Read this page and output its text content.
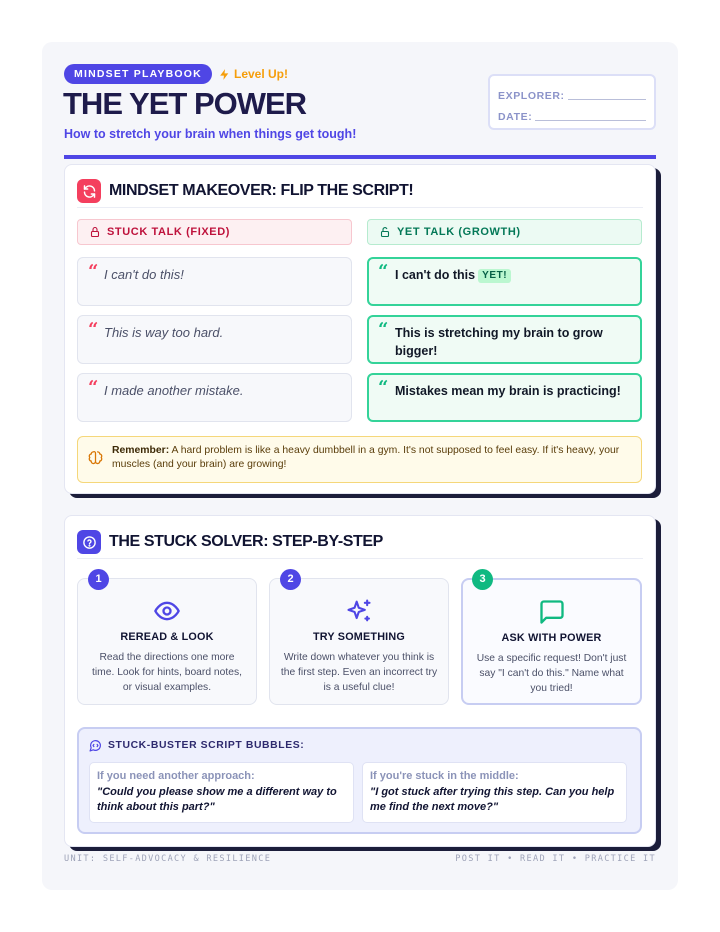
MINDSET PLAYBOOK	Level Up!
THE YET POWER
How to stretch your brain when things get tough!
EXPLORER:
DATE:
MINDSET MAKEOVER: FLIP THE SCRIPT!
STUCK TALK (FIXED)	YET TALK (GROWTH)
“ I can't do this!	“ I can't do this YET!
“ This is way too hard.	“ This is stretching my brain to grow bigger!
“ I made another mistake.	“ Mistakes mean my brain is practicing!
Remember: A hard problem is like a heavy dumbbell in a gym. It's not supposed to feel easy. If it's heavy, your muscles (and your brain) are growing!
THE STUCK SOLVER: STEP-BY-STEP
1
REREAD & LOOK
Read the directions one more time. Look for hints, board notes, or visual examples.
2
TRY SOMETHING
Write down whatever you think is the first step. Even an incorrect try is a useful clue!
3
ASK WITH POWER
Use a specific request! Don't just say "I can't do this." Name what you tried!
STUCK-BUSTER SCRIPT BUBBLES:
If you need another approach:
"Could you please show me a different way to think about this part?"
If you're stuck in the middle:
"I got stuck after trying this step. Can you help me find the next move?"
UNIT: SELF-ADVOCACY & RESILIENCE	POST IT • READ IT • PRACTICE IT
